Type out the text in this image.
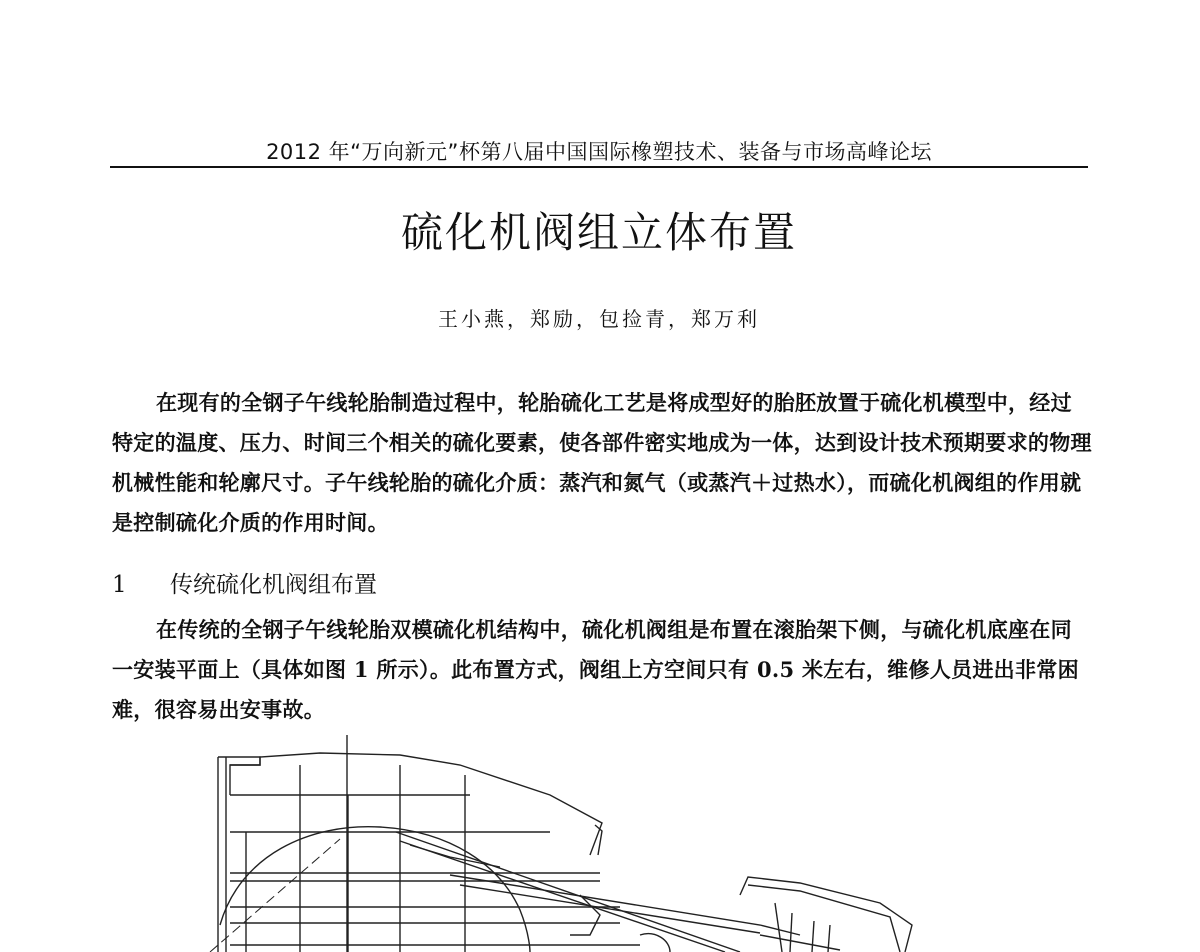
2012 年“万向新元”杯第八届中国国际橡塑技术、装备与市场高峰论坛
硫化机阀组立体布置
王小燕，郑励，包捡青，郑万利

在现有的全钢子午线轮胎制造过程中，轮胎硫化工艺是将成型好的胎胚放置于硫化机模型中，经过特定的温度、压力、时间三个相关的硫化要素，使各部件密实地成为一体，达到设计技术预期要求的物理机械性能和轮廓尺寸。子午线轮胎的硫化介质：蒸汽和氮气（或蒸汽＋过热水），而硫化机阀组的作用就是控制硫化介质的作用时间。

1 传统硫化机阀组布置

在传统的全钢子午线轮胎双模硫化机结构中，硫化机阀组是布置在滚胎架下侧，与硫化机底座在同一安装平面上（具体如图 1 所示）。此布置方式，阀组上方空间只有 0.5 米左右，维修人员进出非常困难，很容易出安事故。
